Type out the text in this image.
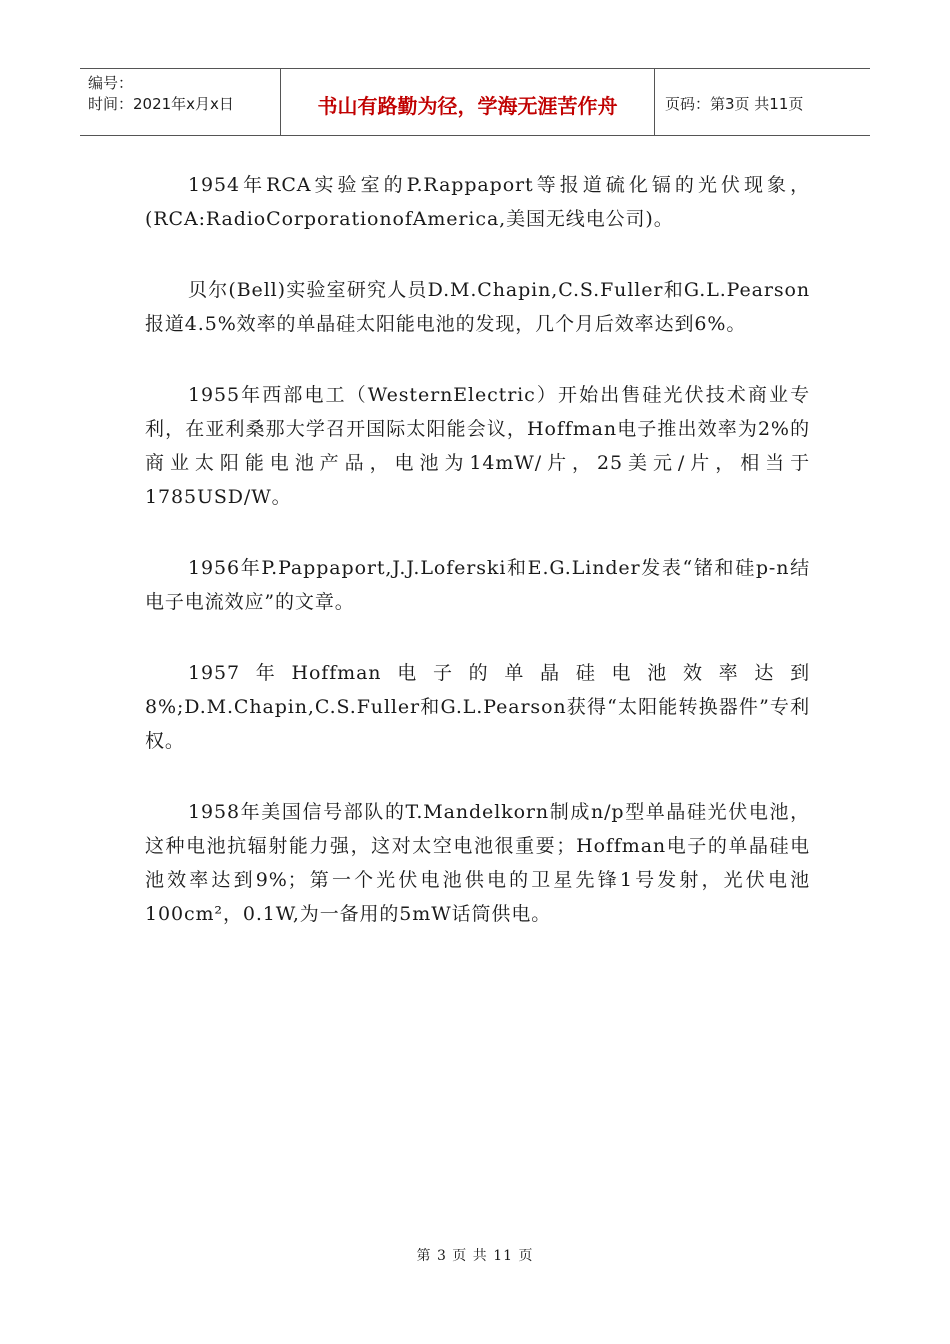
编号：
时间：2021年x月x日	书山有路勤为径，学海无涯苦作舟	页码：第3页 共11页

1954年RCA实验室的P.Rappaport等报道硫化镉的光伏现象，(RCA:RadioCorporationofAmerica,美国无线电公司)。

贝尔(Bell)实验室研究人员D.M.Chapin,C.S.Fuller和G.L.Pearson报道4.5%效率的单晶硅太阳能电池的发现，几个月后效率达到6%。

1955年西部电工（WesternElectric）开始出售硅光伏技术商业专利，在亚利桑那大学召开国际太阳能会议，Hoffman电子推出效率为2%的商业太阳能电池产品，电池为14mW/片，25美元/片，相当于1785USD/W。

1956年P.Pappaport,J.J.Loferski和E.G.Linder发表“锗和硅p-n结电子电流效应”的文章。

1957年Hoffman电子的单晶硅电池效率达到8%;D.M.Chapin,C.S.Fuller和G.L.Pearson获得“太阳能转换器件”专利权。

1958年美国信号部队的T.Mandelkorn制成n/p型单晶硅光伏电池，这种电池抗辐射能力强，这对太空电池很重要；Hoffman电子的单晶硅电池效率达到9%；第一个光伏电池供电的卫星先锋1号发射，光伏电池100cm²，0.1W,为一备用的5mW话筒供电。

第 3 页 共 11 页
